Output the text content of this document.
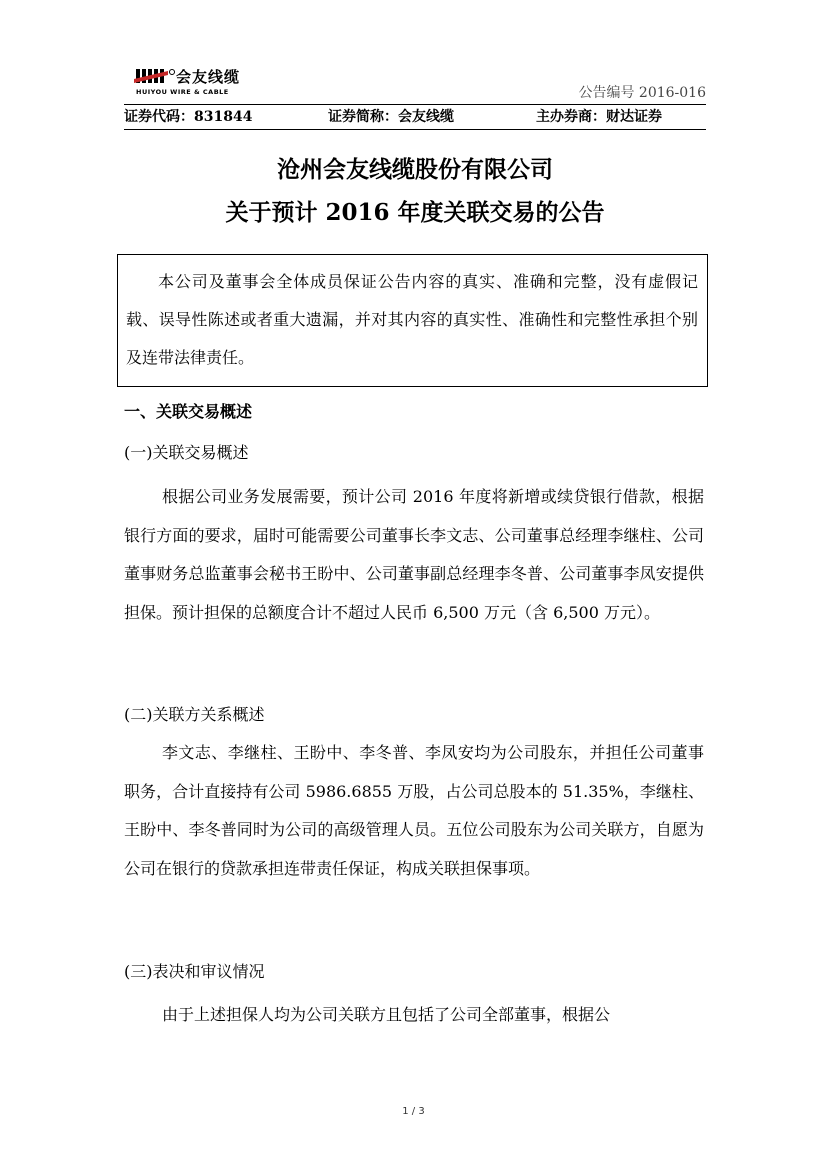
会友线缆
HUIYOU WIRE & CABLE	公告编号 2016-016
证券代码：831844	证券简称：会友线缆	主办券商：财达证券
沧州会友线缆股份有限公司
关于预计 2016 年度关联交易的公告
本公司及董事会全体成员保证公告内容的真实、准确和完整，没有虚假记载、误导性陈述或者重大遗漏，并对其内容的真实性、准确性和完整性承担个别及连带法律责任。
一、关联交易概述
(一)关联交易概述
根据公司业务发展需要，预计公司 2016 年度将新增或续贷银行借款，根据银行方面的要求，届时可能需要公司董事长李文志、公司董事总经理李继柱、公司董事财务总监董事会秘书王盼中、公司董事副总经理李冬普、公司董事李凤安提供担保。预计担保的总额度合计不超过人民币 6,500 万元（含 6,500 万元）。
(二)关联方关系概述
李文志、李继柱、王盼中、李冬普、李凤安均为公司股东，并担任公司董事职务，合计直接持有公司 5986.6855 万股，占公司总股本的 51.35%，李继柱、王盼中、李冬普同时为公司的高级管理人员。五位公司股东为公司关联方，自愿为公司在银行的贷款承担连带责任保证，构成关联担保事项。
(三)表决和审议情况
由于上述担保人均为公司关联方且包括了公司全部董事，根据公
1 / 3
